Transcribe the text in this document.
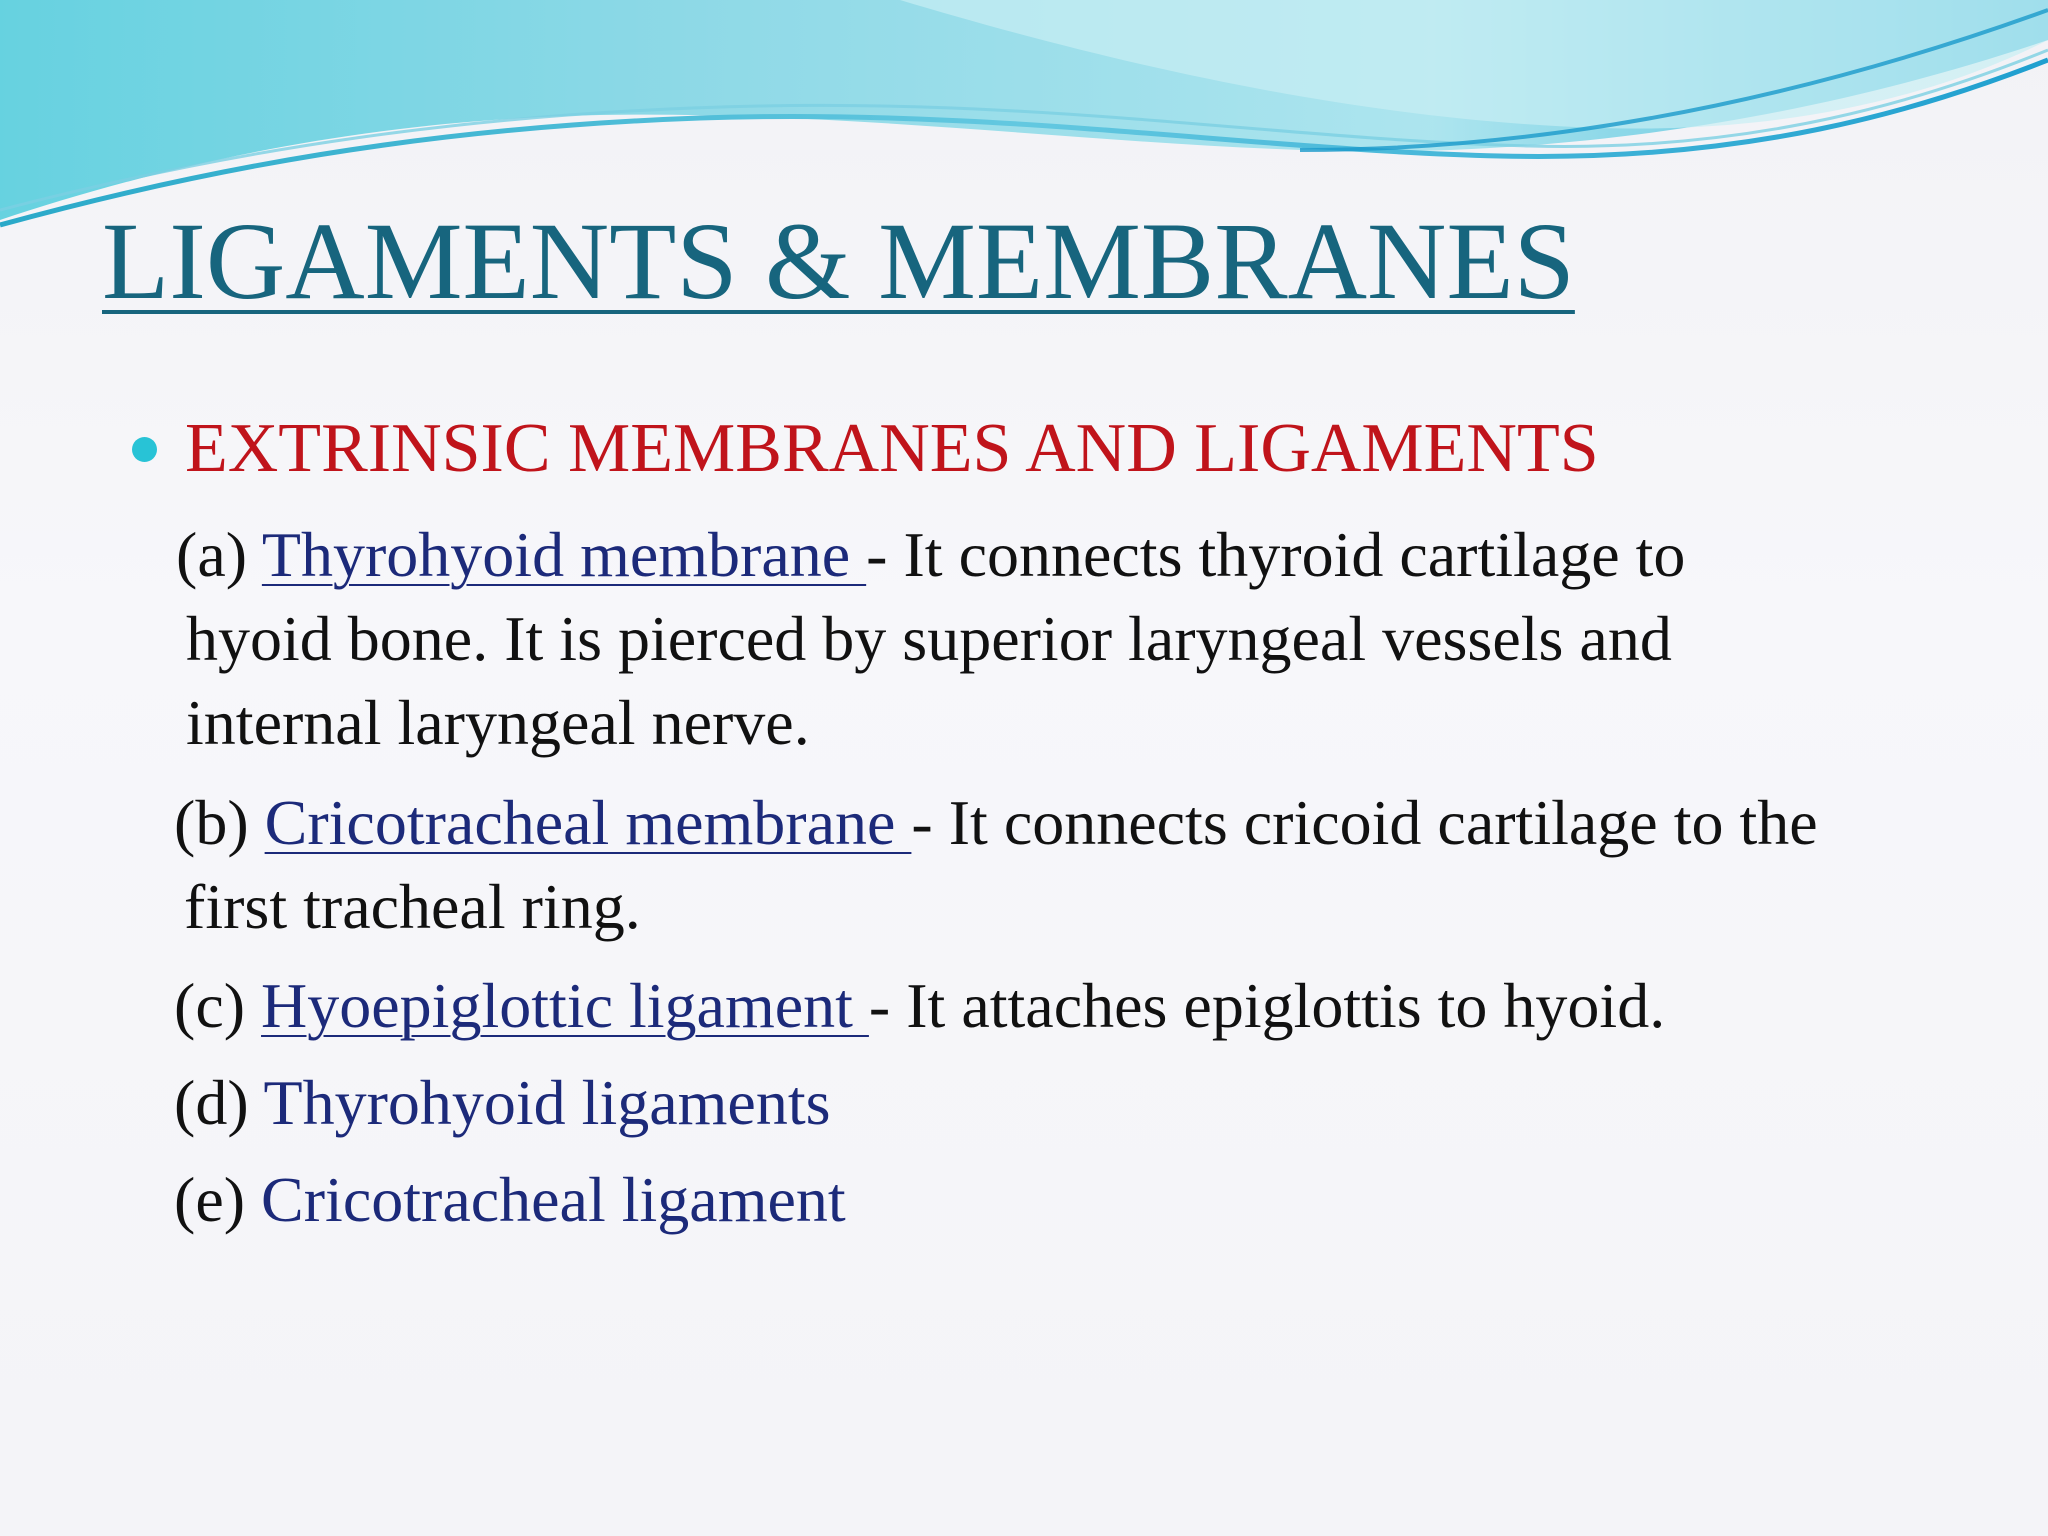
LIGAMENTS & MEMBRANES
EXTRINSIC MEMBRANES AND LIGAMENTS
(a) Thyrohyoid membrane - It connects thyroid cartilage to
hyoid bone. It is pierced by superior laryngeal vessels and
internal laryngeal nerve.
(b) Cricotracheal membrane - It connects cricoid cartilage to the
first tracheal ring.
(c) Hyoepiglottic ligament - It attaches epiglottis to hyoid.
(d) Thyrohyoid ligaments
(e) Cricotracheal ligament
